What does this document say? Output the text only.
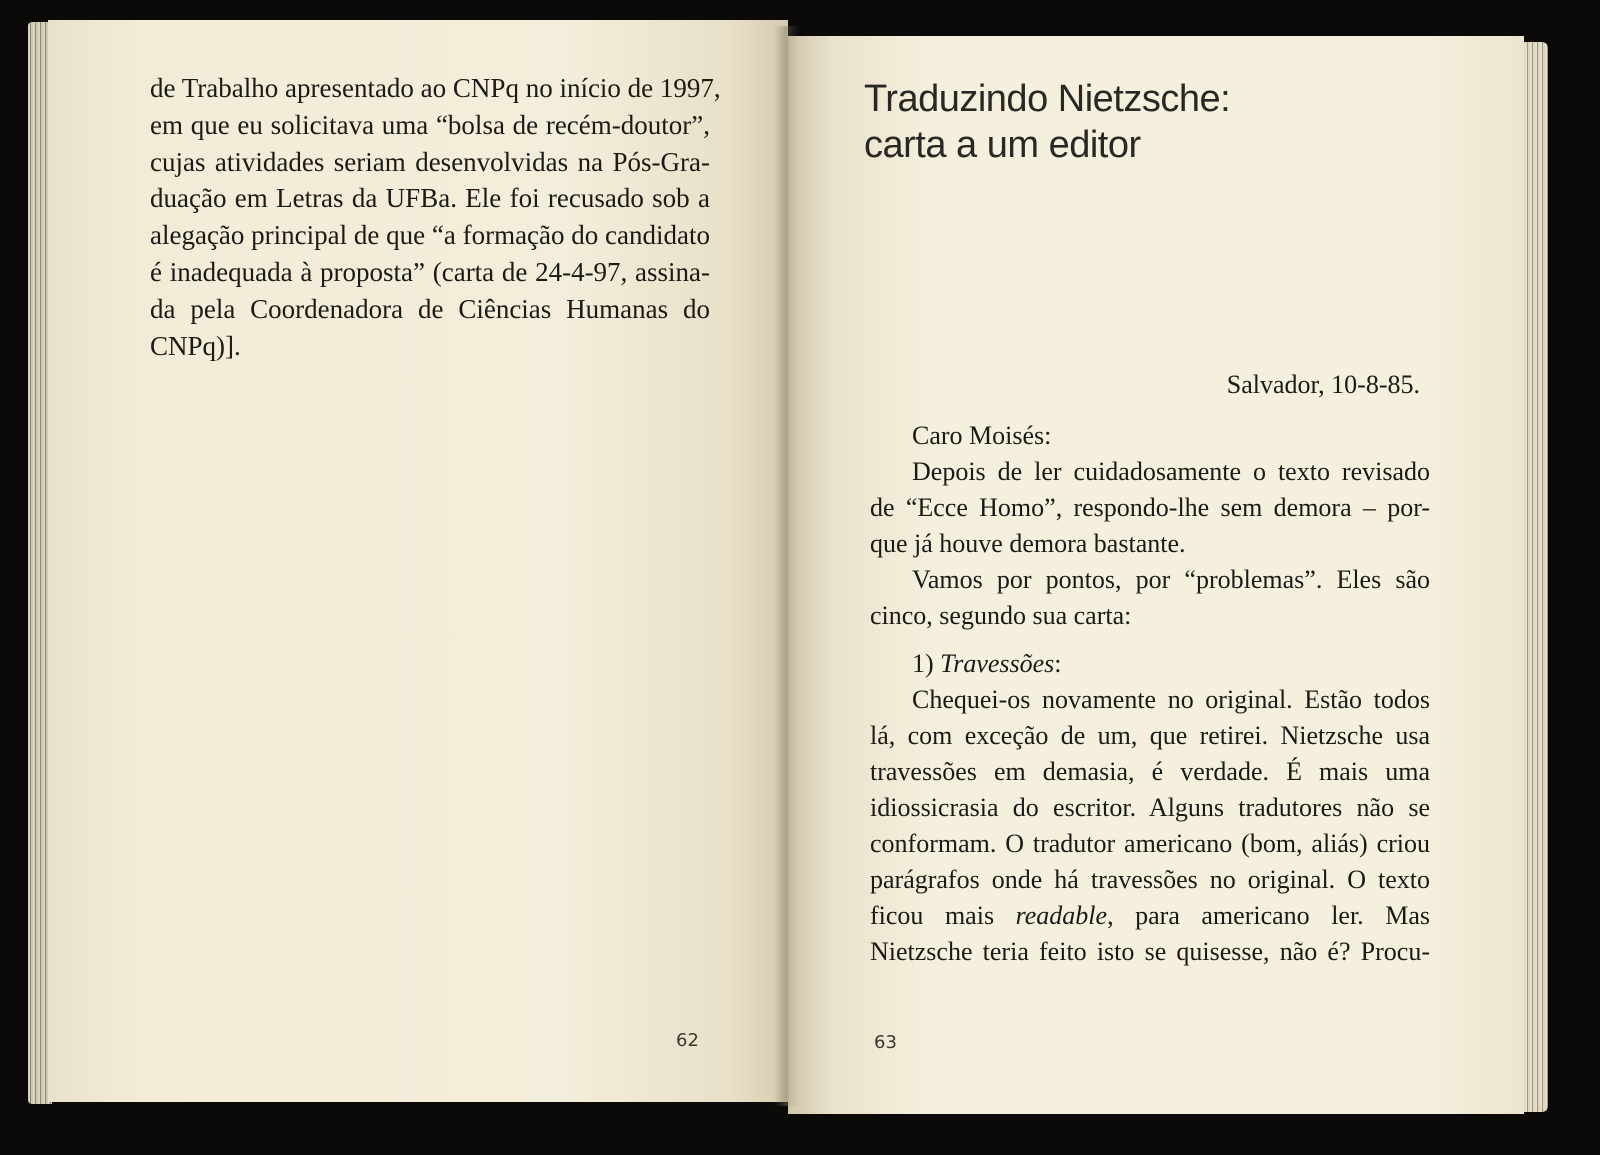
de Trabalho apresentado ao CNPq no início de 1997,
em que eu solicitava uma “bolsa de recém-doutor”,
cujas atividades seriam desenvolvidas na Pós-Gra-
duação em Letras da UFBa. Ele foi recusado sob a
alegação principal de que “a formação do candidato
é inadequada à proposta” (carta de 24-4-97, assina-
da pela Coordenadora de Ciências Humanas do
CNPq)].
62
Traduzindo Nietzsche:
carta a um editor
Salvador, 10-8-85.
Caro Moisés:
Depois de ler cuidadosamente o texto revisado
de “Ecce Homo”, respondo-lhe sem demora – por-
que já houve demora bastante.
Vamos por pontos, por “problemas”. Eles são
cinco, segundo sua carta:
1) Travessões:
Chequei-os novamente no original. Estão todos
lá, com exceção de um, que retirei. Nietzsche usa
travessões em demasia, é verdade. É mais uma
idiossicrasia do escritor. Alguns tradutores não se
conformam. O tradutor americano (bom, aliás) criou
parágrafos onde há travessões no original. O texto
ficou mais readable, para americano ler. Mas
Nietzsche teria feito isto se quisesse, não é? Procu-
63
